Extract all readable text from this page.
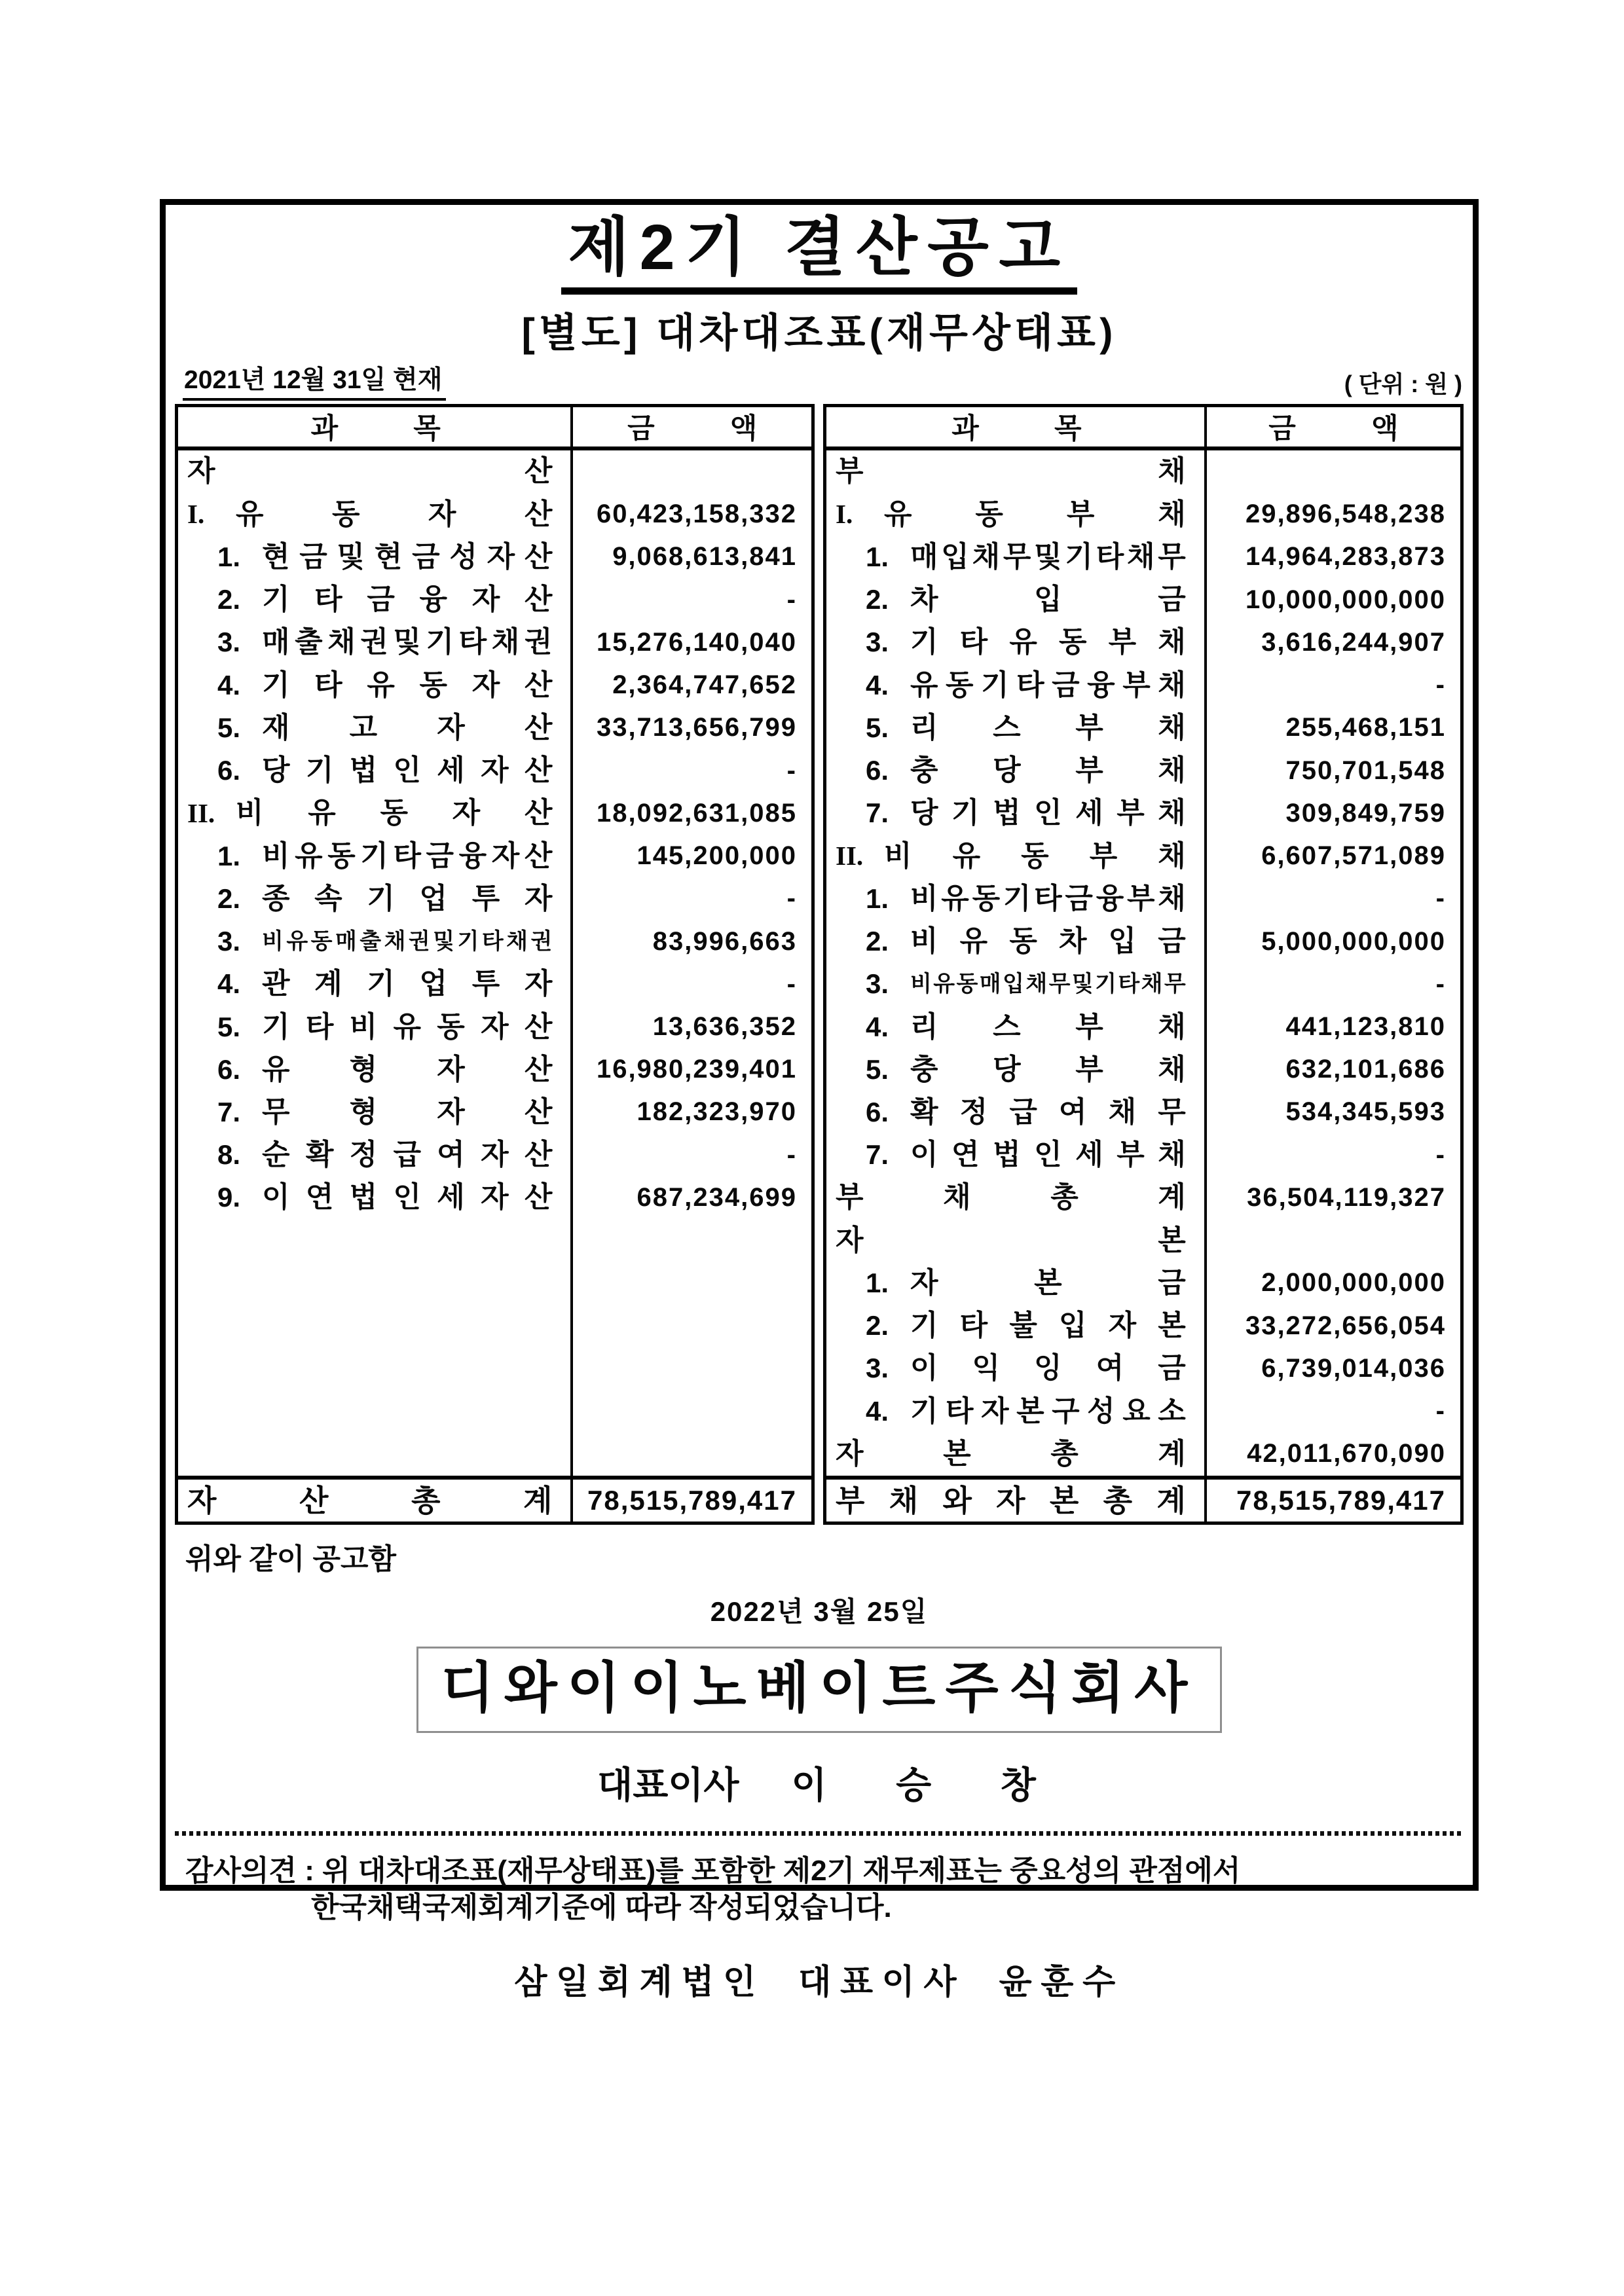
제2기 결산공고
[별도] 대차대조표(재무상태표)
2021년 12월 31일 현재	( 단위 : 원 )
과 목	금 액
자	산
I.	유 동 자 산	60,423,158,332
1. 현 금 및 현 금 성 자 산	9,068,613,841
2. 기 타 금 융 자 산	-
3. 매 출 채 권 및 기 타 채 권	15,276,140,040
4. 기 타 유 동 자 산	2,364,747,652
5. 재 고 자 산	33,713,656,799
6. 당 기 법 인 세 자 산	-
II. 비 유 동 자 산	18,092,631,085
1. 비 유 동 기 타 금 융 자 산	145,200,000
2. 종 속 기 업 투 자	-
3. 비 유 동 매 출 채 권 및 기 타 채 권	83,996,663
4. 관 계 기 업 투 자	-
5. 기 타 비 유 동 자 산	13,636,352
6. 유 형 자 산	16,980,239,401
7. 무 형 자 산	182,323,970
8. 순 확 정 급 여 자 산	-
9. 이 연 법 인 세 자 산	687,234,699
자	산	총	계	78,515,789,417
과 목	금 액
부	채
I.	유 동 부 채	29,896,548,238
1. 매 입 채 무 및 기 타 채 무	14,964,283,873
2. 차	입	금	10,000,000,000
3. 기 타 유 동 부 채	3,616,244,907
4. 유 동 기 타 금 융 부 채	-
5. 리 스 부 채	255,468,151
6. 충 당 부 채	750,701,548
7. 당 기 법 인 세 부 채	309,849,759
II. 비 유 동 부 채	6,607,571,089
1. 비 유 동 기 타 금 융 부 채	-
2. 비 유 동 차 입 금	5,000,000,000
3. 비 유 동 매 입 채 무 및 기 타 채 무	-
4. 리 스 부 채	441,123,810
5. 충 당 부 채	632,101,686
6. 확 정 급 여 채 무	534,345,593
7. 이 연 법 인 세 부 채	-
부	채	총	계	36,504,119,327
자	본
1. 자	본	금	2,000,000,000
2. 기 타 불 입 자 본	33,272,656,054
3. 이 익 잉 여 금	6,739,014,036
4. 기 타 자 본 구 성 요 소	-
자	본	총	계	42,011,670,090
부 채 와 자 본 총 계	78,515,789,417
위와 같이 공고함
2022년 3월 25일
디와이이노베이트주식회사
대표이사 이 승 창
감사의견 : 위 대차대조표(재무상태표)를 포함한 제2기 재무제표는 중요성의 관점에서
한국채택국제회계기준에 따라 작성되었습니다.
삼일회계법인 대표이사 윤훈수
